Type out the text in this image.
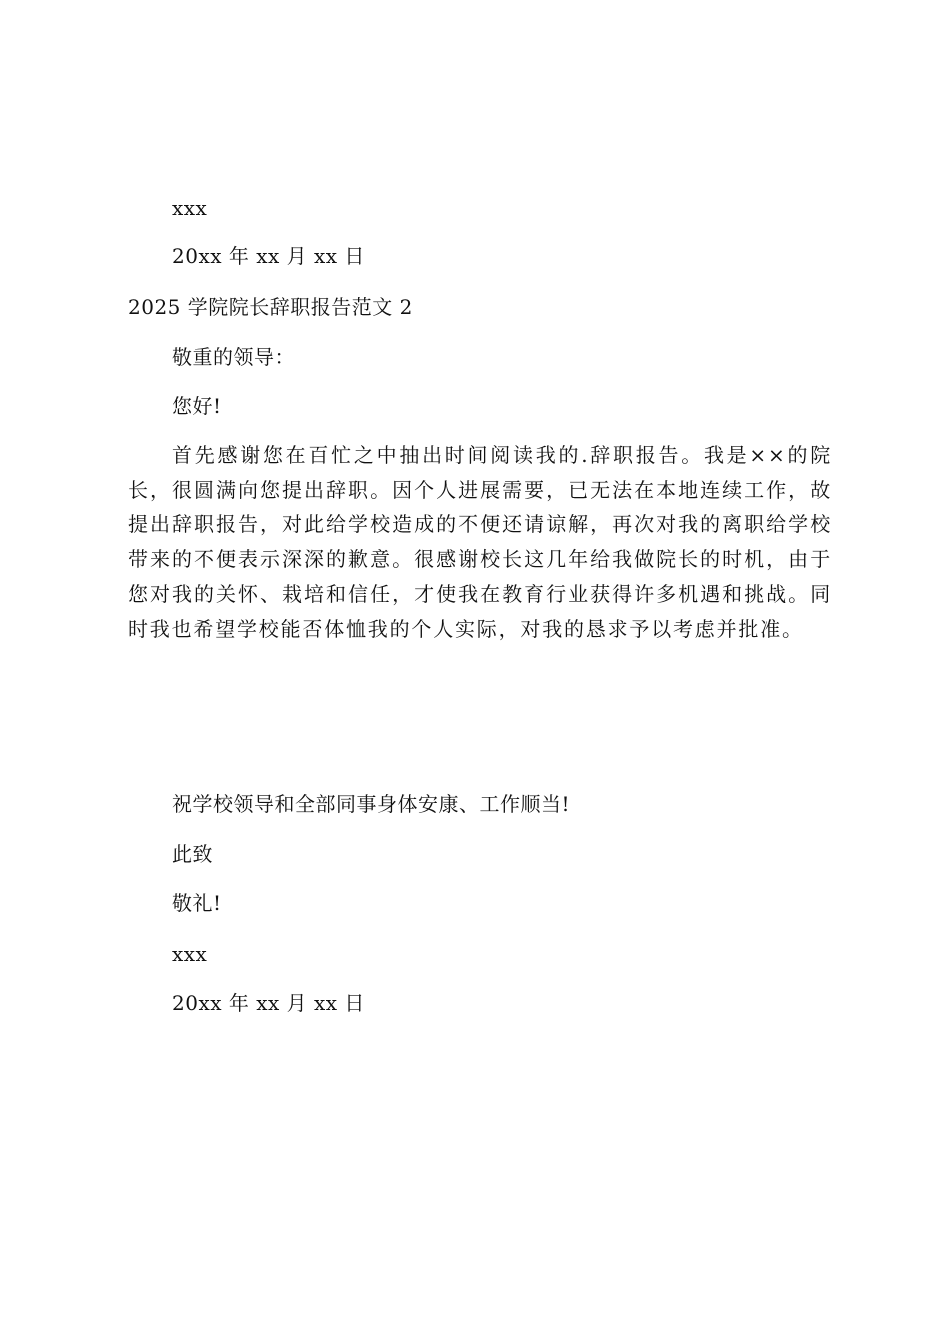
xxx
20xx 年 xx 月 xx 日
2025 学院院长辞职报告范文 2
敬重的领导：
您好!

首先感谢您在百忙之中抽出时间阅读我的.辞职报告。我是××的院长，很圆满向您提出辞职。因个人进展需要，已无法在本地连续工作，故提出辞职报告，对此给学校造成的不便还请谅解，再次对我的离职给学校带来的不便表示深深的歉意。很感谢校长这几年给我做院长的时机，由于您对我的关怀、栽培和信任，才使我在教育行业获得许多机遇和挑战。同时我也希望学校能否体恤我的个人实际，对我的恳求予以考虑并批准。

祝学校领导和全部同事身体安康、工作顺当!
此致
敬礼!
xxx
20xx 年 xx 月 xx 日
